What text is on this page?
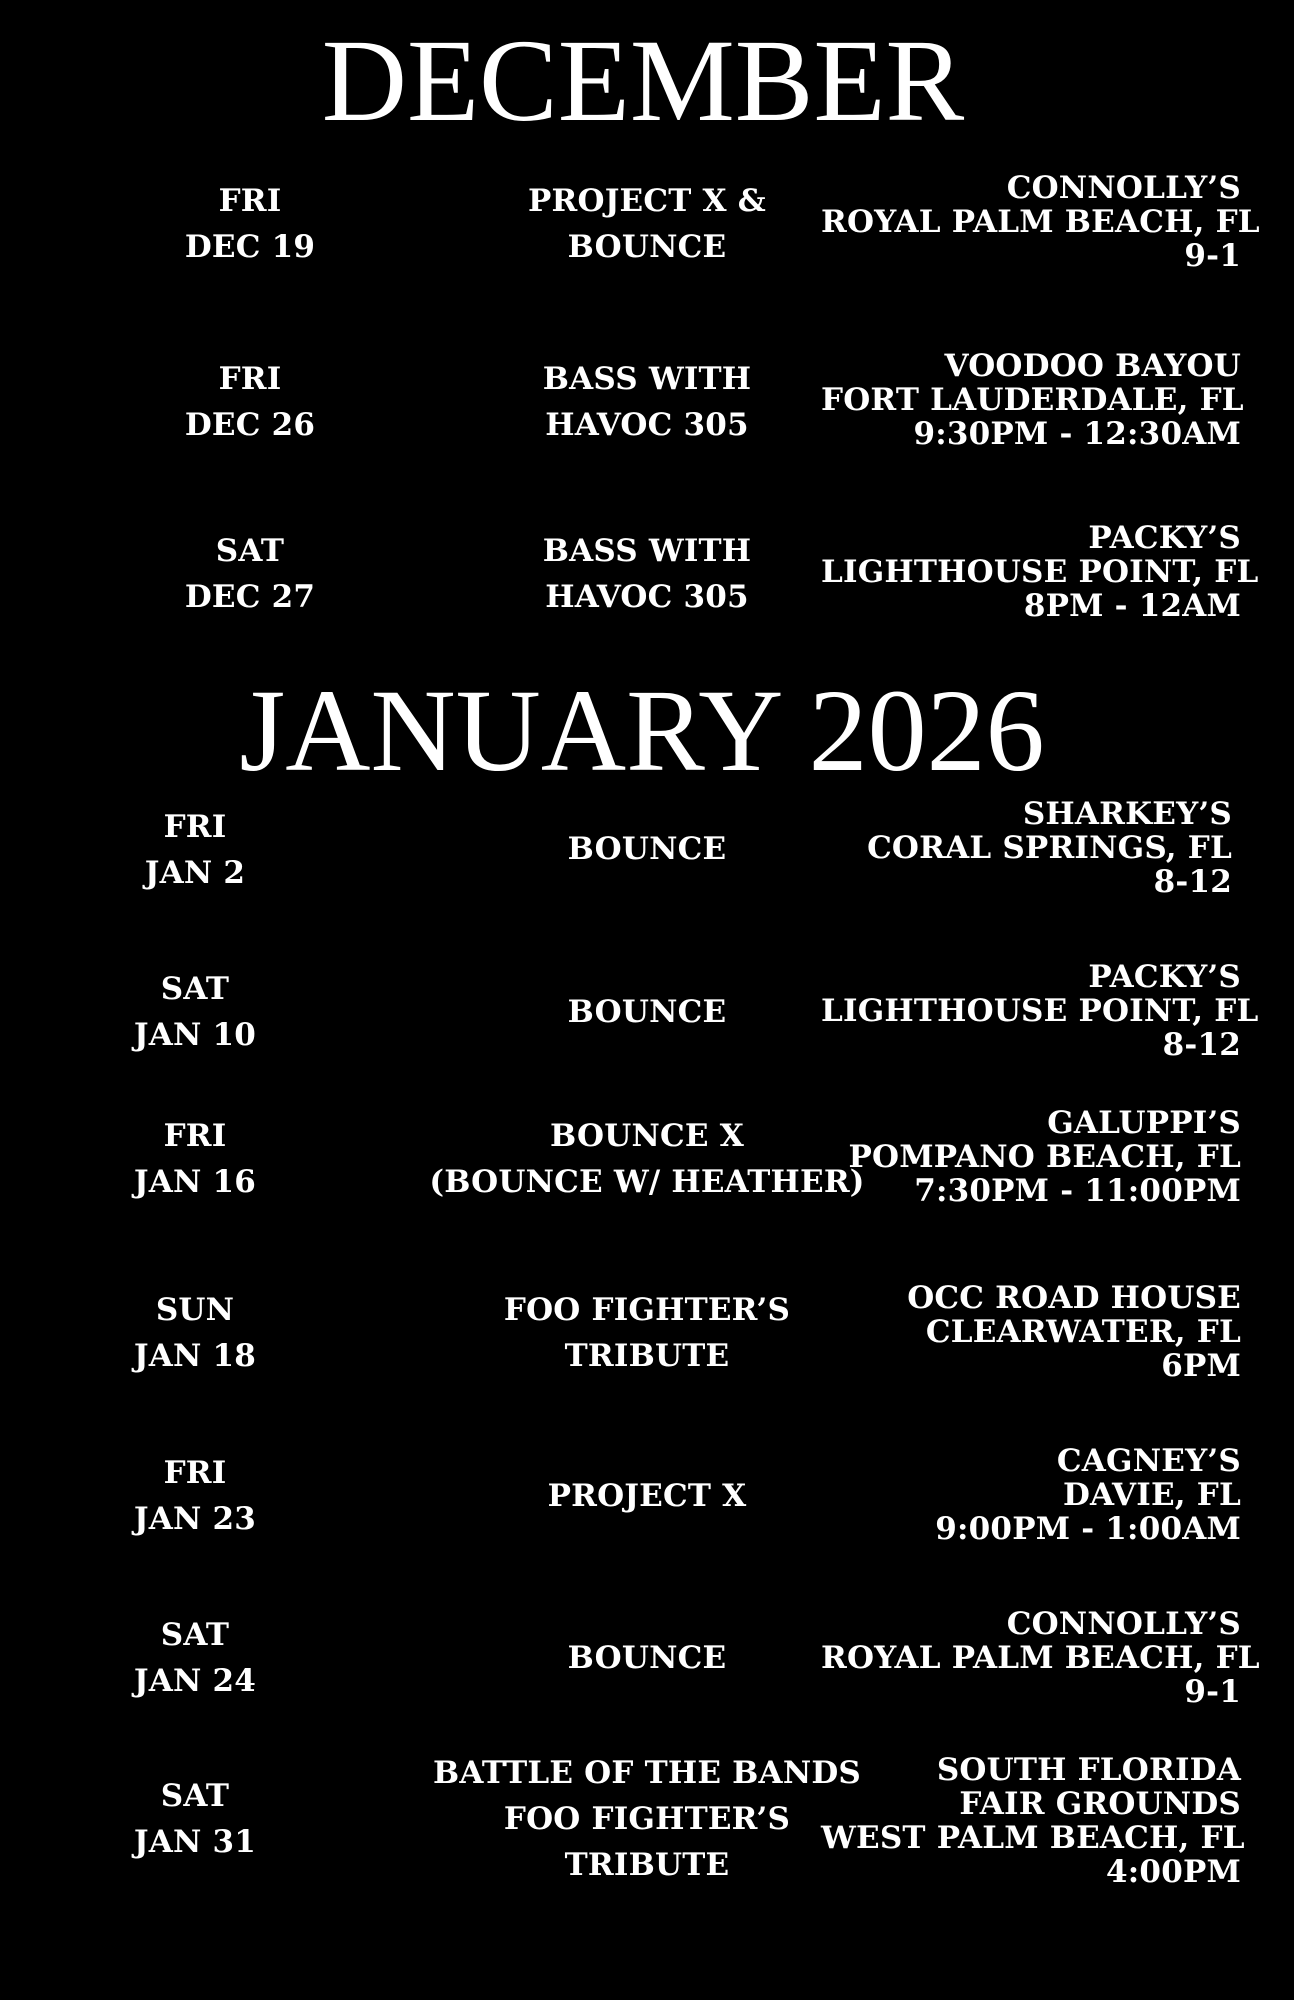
DECEMBER
JANUARY 2026
FRI
DEC 19
PROJECT X &
BOUNCE
CONNOLLY’S
ROYAL PALM BEACH, FL
9-1
FRI
DEC 26
BASS WITH
HAVOC 305
VOODOO BAYOU
FORT LAUDERDALE, FL
9:30PM - 12:30AM
SAT
DEC 27
BASS WITH
HAVOC 305
PACKY’S
LIGHTHOUSE POINT, FL
8PM - 12AM
FRI
JAN 2
BOUNCE
SHARKEY’S
CORAL SPRINGS, FL
8-12
SAT
JAN 10
BOUNCE
PACKY’S
LIGHTHOUSE POINT, FL
8-12
FRI
JAN 16
BOUNCE X
(BOUNCE W/ HEATHER)
GALUPPI’S
POMPANO BEACH, FL
7:30PM - 11:00PM
SUN
JAN 18
FOO FIGHTER’S
TRIBUTE
OCC ROAD HOUSE
CLEARWATER, FL
6PM
FRI
JAN 23
PROJECT X
CAGNEY’S
DAVIE, FL
9:00PM - 1:00AM
SAT
JAN 24
BOUNCE
CONNOLLY’S
ROYAL PALM BEACH, FL
9-1
SAT
JAN 31
BATTLE OF THE BANDS
FOO FIGHTER’S
TRIBUTE
SOUTH FLORIDA
FAIR GROUNDS
WEST PALM BEACH, FL
4:00PM
